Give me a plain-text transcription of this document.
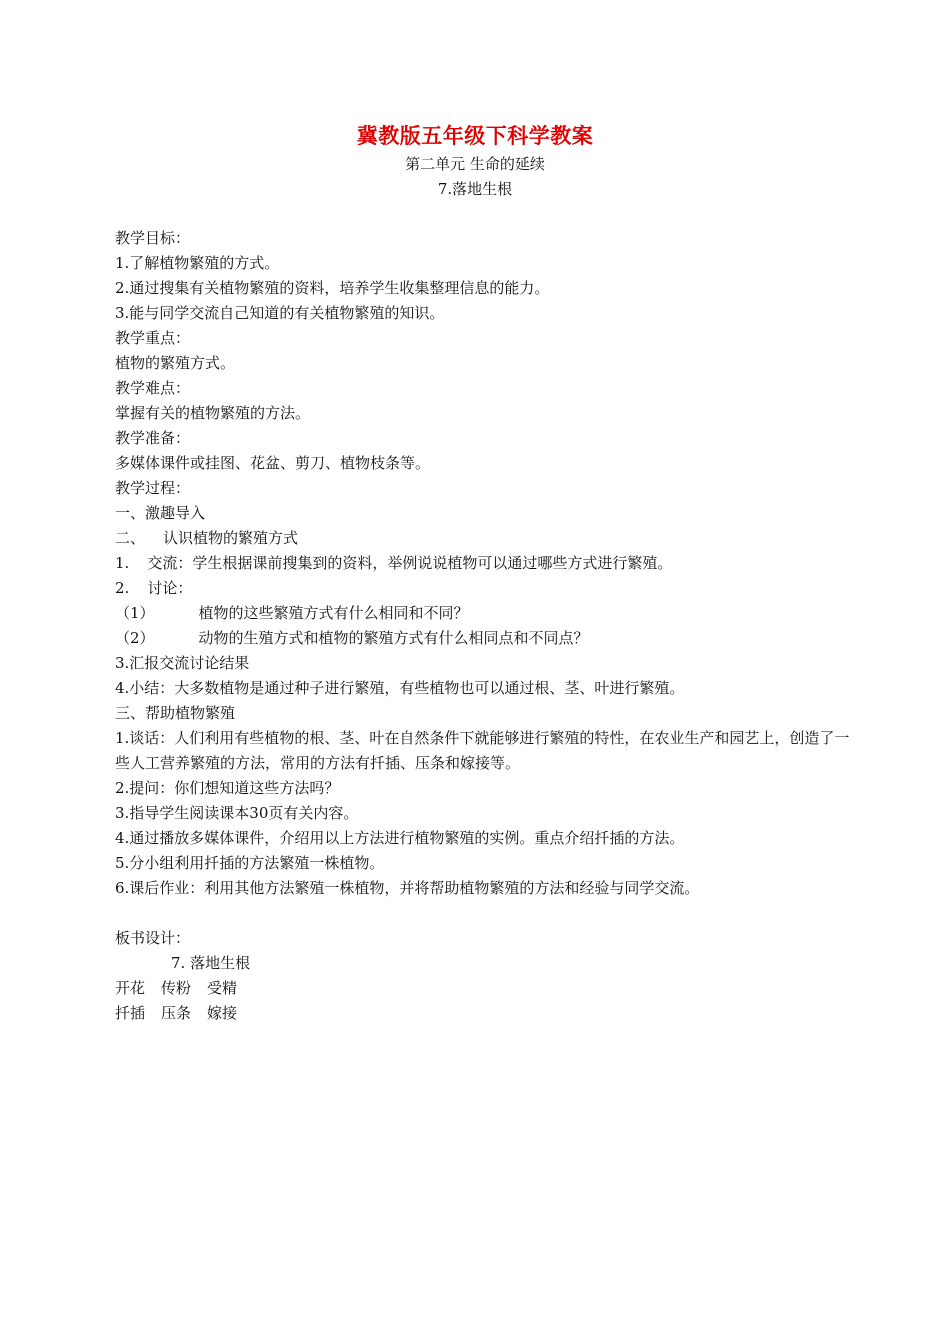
冀教版五年级下科学教案
第二单元 生命的延续
7.落地生根
教学目标：
1.了解植物繁殖的方式。
2.通过搜集有关植物繁殖的资料，培养学生收集整理信息的能力。
3.能与同学交流自己知道的有关植物繁殖的知识。
教学重点：
植物的繁殖方式。
教学难点：
掌握有关的植物繁殖的方法。
教学准备：
多媒体课件或挂图、花盆、剪刀、植物枝条等。
教学过程：
一、激趣导入
二、 认识植物的繁殖方式
1. 交流：学生根据课前搜集到的资料，举例说说植物可以通过哪些方式进行繁殖。
2. 讨论：
（1）	植物的这些繁殖方式有什么相同和不同？
（2）	动物的生殖方式和植物的繁殖方式有什么相同点和不同点？
3.汇报交流讨论结果
4.小结：大多数植物是通过种子进行繁殖，有些植物也可以通过根、茎、叶进行繁殖。
三、帮助植物繁殖
1.谈话：人们利用有些植物的根、茎、叶在自然条件下就能够进行繁殖的特性，在农业生产和园艺上，创造了一些人工营养繁殖的方法，常用的方法有扦插、压条和嫁接等。
2.提问：你们想知道这些方法吗？
3.指导学生阅读课本30页有关内容。
4.通过播放多媒体课件，介绍用以上方法进行植物繁殖的实例。重点介绍扦插的方法。
5.分小组利用扦插的方法繁殖一株植物。
6.课后作业：利用其他方法繁殖一株植物，并将帮助植物繁殖的方法和经验与同学交流。
板书设计：
7. 落地生根
开花 传粉 受精
扦插 压条 嫁接
